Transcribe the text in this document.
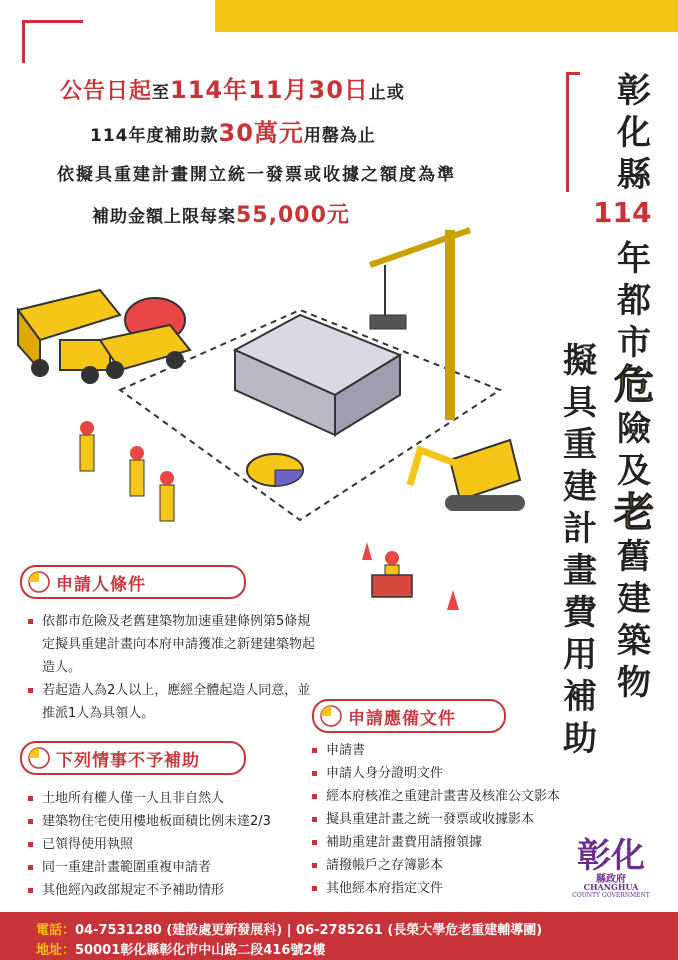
公告日起至114年11月30日止或
114年度補助款30萬元用罄為止
依擬具重建計畫開立統一發票或收據之額度為準
補助金額上限每案55,000元
彰化縣
114
年都市危險及老舊建築物
擬具重建計畫費用補助
申請人條件
依都市危險及老舊建築物加速重建條例第5條規定擬具重建計畫向本府申請獲准之新建建築物起造人。
若起造人為2人以上，應經全體起造人同意，並推派1人為具領人。
下列情事不予補助
土地所有權人僅一人且非自然人
建築物住宅使用樓地板面積比例未達2/3
已領得使用執照
同一重建計畫範圍重複申請者
其他經內政部規定不予補助情形
申請應備文件
申請書
申請人身分證明文件
經本府核准之重建計畫書及核准公文影本
擬具重建計畫之統一發票或收據影本
補助重建計畫費用請撥領據
請撥帳戶之存簿影本
其他經本府指定文件
彰化
縣政府
CHANGHUA
COUNTY GOVERNMENT
電話：04-7531280 (建設處更新發展科) | 06-2785261 (長榮大學危老重建輔導團)
地址：50001彰化縣彰化市中山路二段416號2樓
